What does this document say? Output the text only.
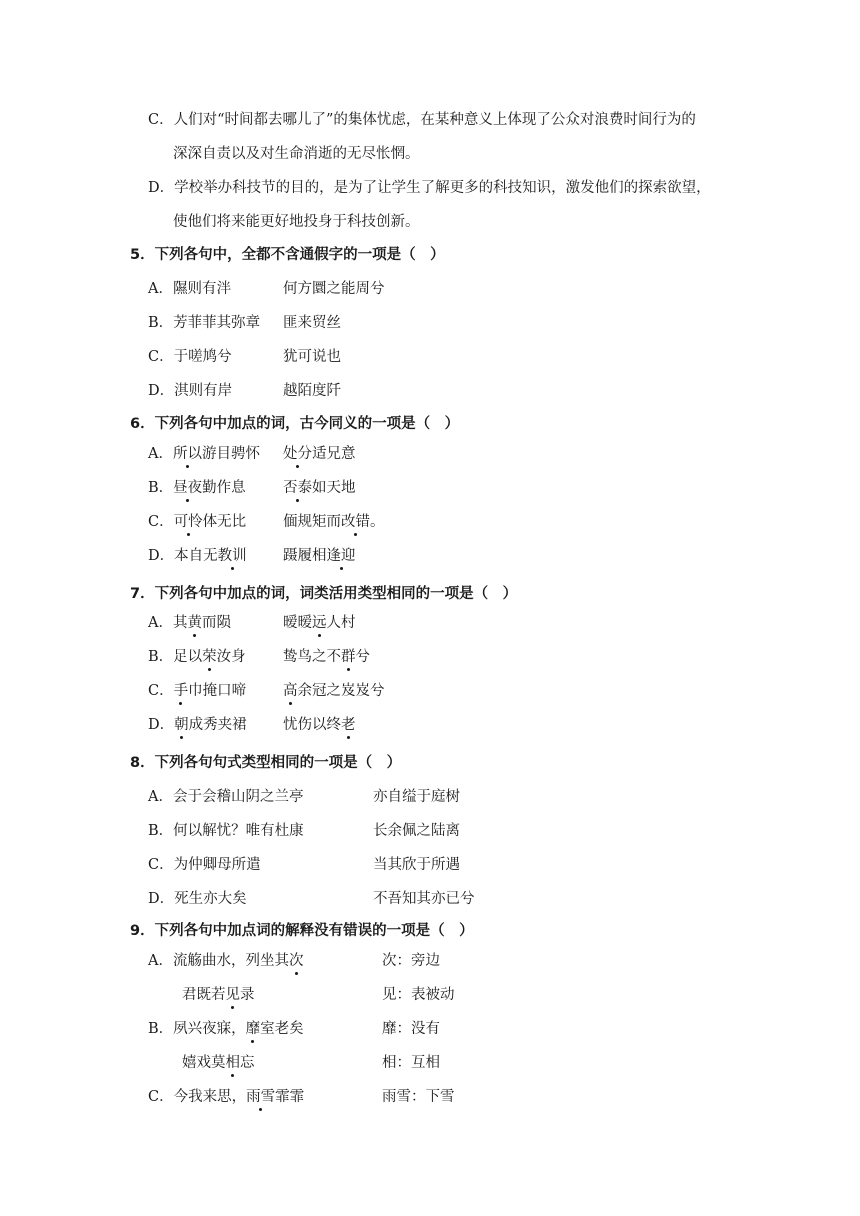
C．人们对“时间都去哪儿了”的集体忧虑，在某种意义上体现了公众对浪费时间行为的
深深自责以及对生命消逝的无尽怅惘。
D．学校举办科技节的目的，是为了让学生了解更多的科技知识，激发他们的探索欲望，
使他们将来能更好地投身于科技创新。
5．下列各句中，全都不含通假字的一项是（　）
A．隰则有泮	何方圜之能周兮
B．芳菲菲其弥章 匪来贸丝
C．于嗟鸠兮	犹可说也
D．淇则有岸	越陌度阡
6．下列各句中加点的词，古今同义的一项是（　）
A．所以游目骋怀 处分适兄意
B．昼夜勤作息	否泰如天地
C．可怜体无比	偭规矩而改错。
D．本自无教训	蹑履相逢迎
7．下列各句中加点的词，词类活用类型相同的一项是（　）
A．其黄而陨	暧暧远人村
B．足以荣汝身	鸷鸟之不群兮
C．手巾掩口啼	高余冠之岌岌兮
D．朝成秀夹裙	忧伤以终老
8．下列各句句式类型相同的一项是（　）
A．会于会稽山阴之兰亭	亦自缢于庭树
B．何以解忧？唯有杜康	长余佩之陆离
C．为仲卿母所遣	当其欣于所遇
D．死生亦大矣	不吾知其亦已兮
9．下列各句中加点词的解释没有错误的一项是（　）
A．流觞曲水，列坐其次	次：旁边
君既若见录	见：表被动
B．夙兴夜寐，靡室老矣	靡：没有
嬉戏莫相忘	相：互相
C．今我来思，雨雪霏霏	雨雪：下雪
